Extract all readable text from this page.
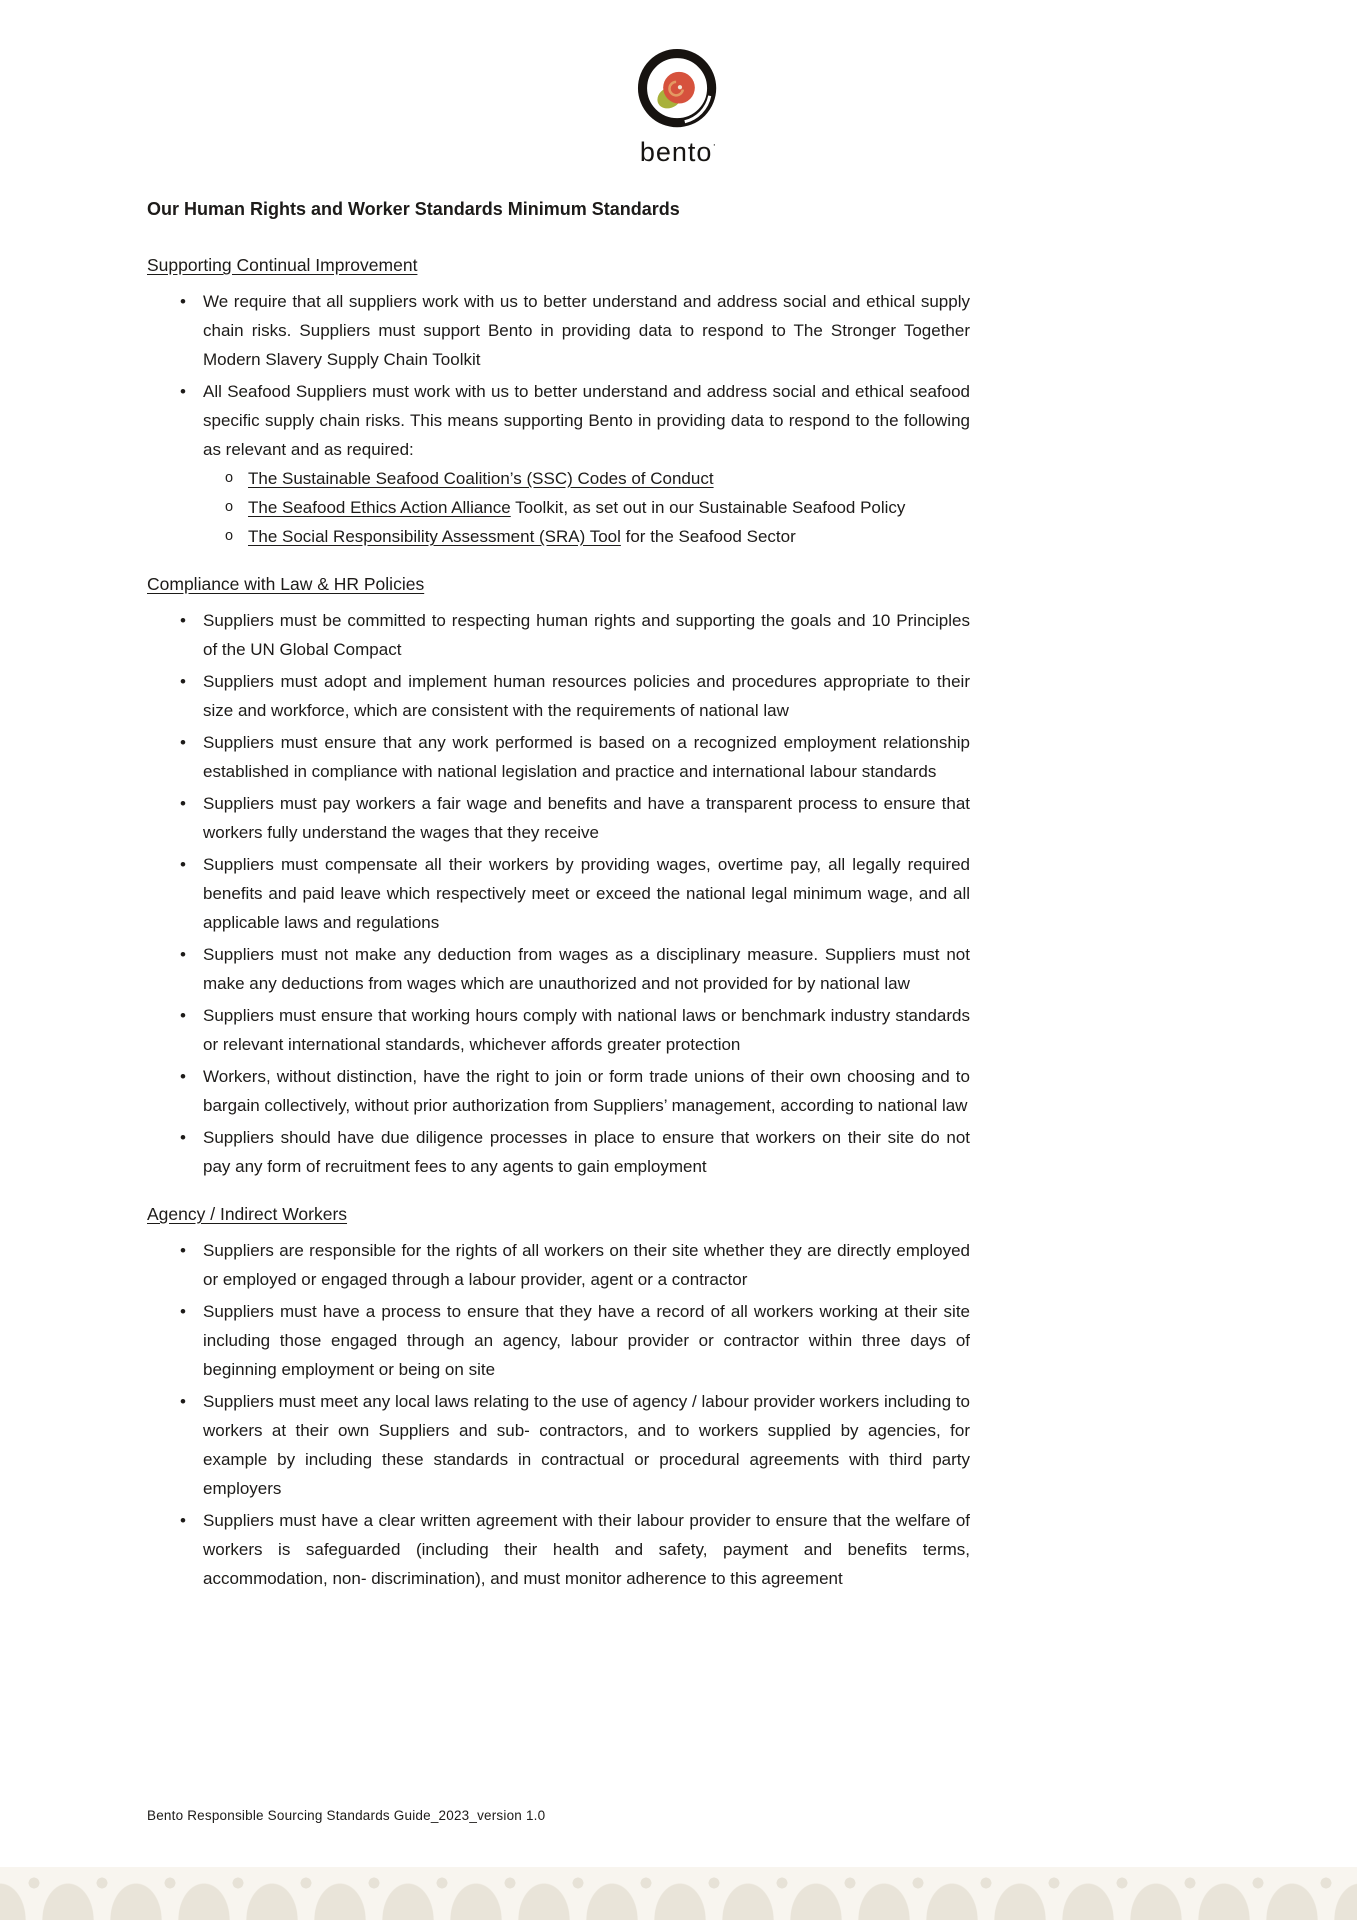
bento·

Our Human Rights and Worker Standards Minimum Standards

Supporting Continual Improvement
• We require that all suppliers work with us to better understand and address social and ethical supply chain risks. Suppliers must support Bento in providing data to respond to The Stronger Together Modern Slavery Supply Chain Toolkit
• All Seafood Suppliers must work with us to better understand and address social and ethical seafood specific supply chain risks. This means supporting Bento in providing data to respond to the following as relevant and as required:
o The Sustainable Seafood Coalition’s (SSC) Codes of Conduct
o The Seafood Ethics Action Alliance Toolkit, as set out in our Sustainable Seafood Policy
o The Social Responsibility Assessment (SRA) Tool for the Seafood Sector
Compliance with Law & HR Policies
• Suppliers must be committed to respecting human rights and supporting the goals and 10 Principles of the UN Global Compact
• Suppliers must adopt and implement human resources policies and procedures appropriate to their size and workforce, which are consistent with the requirements of national law
• Suppliers must ensure that any work performed is based on a recognized employment relationship established in compliance with national legislation and practice and international labour standards
• Suppliers must pay workers a fair wage and benefits and have a transparent process to ensure that workers fully understand the wages that they receive
• Suppliers must compensate all their workers by providing wages, overtime pay, all legally required benefits and paid leave which respectively meet or exceed the national legal minimum wage, and all applicable laws and regulations
• Suppliers must not make any deduction from wages as a disciplinary measure. Suppliers must not make any deductions from wages which are unauthorized and not provided for by national law
• Suppliers must ensure that working hours comply with national laws or benchmark industry standards or relevant international standards, whichever affords greater protection
• Workers, without distinction, have the right to join or form trade unions of their own choosing and to bargain collectively, without prior authorization from Suppliers’ management, according to national law
• Suppliers should have due diligence processes in place to ensure that workers on their site do not pay any form of recruitment fees to any agents to gain employment
Agency / Indirect Workers
• Suppliers are responsible for the rights of all workers on their site whether they are directly employed or employed or engaged through a labour provider, agent or a contractor
• Suppliers must have a process to ensure that they have a record of all workers working at their site including those engaged through an agency, labour provider or contractor within three days of beginning employment or being on site
• Suppliers must meet any local laws relating to the use of agency / labour provider workers including to workers at their own Suppliers and sub- contractors, and to workers supplied by agencies, for example by including these standards in contractual or procedural agreements with third party employers
• Suppliers must have a clear written agreement with their labour provider to ensure that the welfare of workers is safeguarded (including their health and safety, payment and benefits terms, accommodation, non- discrimination), and must monitor adherence to this agreement
Bento Responsible Sourcing Standards Guide_2023_version 1.0
